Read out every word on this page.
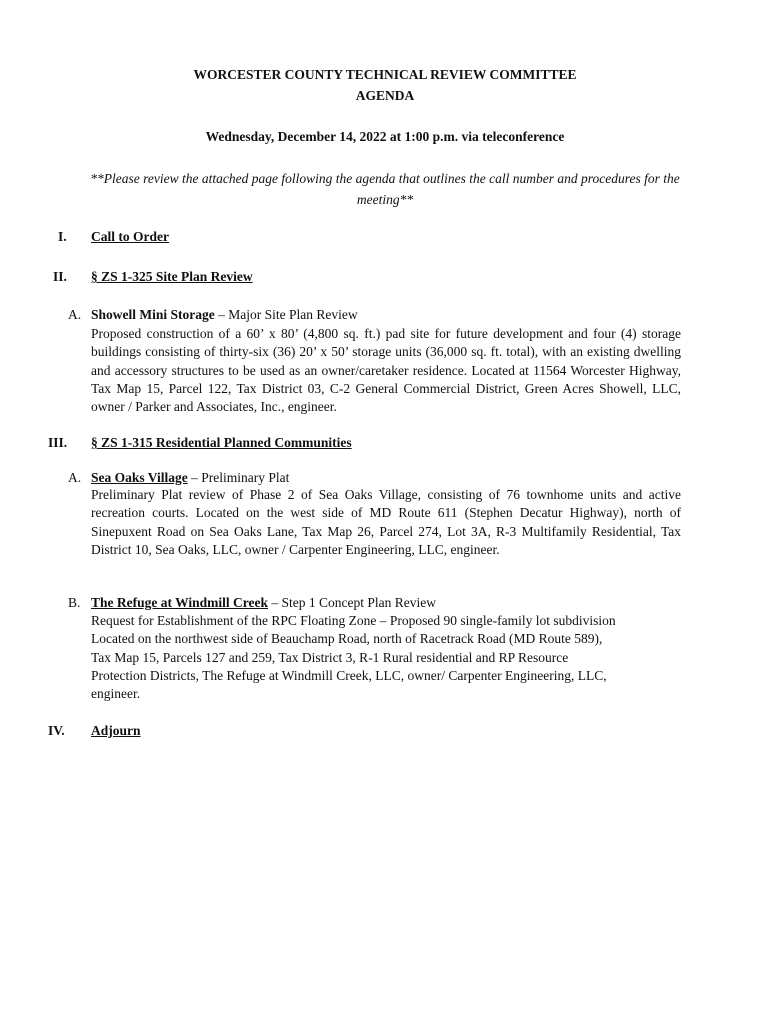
WORCESTER COUNTY TECHNICAL REVIEW COMMITTEE
AGENDA
Wednesday, December 14, 2022 at 1:00 p.m. via teleconference
**Please review the attached page following the agenda that outlines the call number and procedures for the meeting**
I. Call to Order
II. § ZS 1-325 Site Plan Review
A. Showell Mini Storage – Major Site Plan Review
Proposed construction of a 60’ x 80’ (4,800 sq. ft.) pad site for future development and four (4) storage buildings consisting of thirty-six (36) 20’ x 50’ storage units (36,000 sq. ft. total), with an existing dwelling and accessory structures to be used as an owner/caretaker residence. Located at 11564 Worcester Highway, Tax Map 15, Parcel 122, Tax District 03, C-2 General Commercial District, Green Acres Showell, LLC, owner / Parker and Associates, Inc., engineer.
III. § ZS 1-315 Residential Planned Communities
A. Sea Oaks Village – Preliminary Plat
Preliminary Plat review of Phase 2 of Sea Oaks Village, consisting of 76 townhome units and active recreation courts. Located on the west side of MD Route 611 (Stephen Decatur Highway), north of Sinepuxent Road on Sea Oaks Lane, Tax Map 26, Parcel 274, Lot 3A, R-3 Multifamily Residential, Tax District 10, Sea Oaks, LLC, owner / Carpenter Engineering, LLC, engineer.
B. The Refuge at Windmill Creek – Step 1 Concept Plan Review
Request for Establishment of the RPC Floating Zone – Proposed 90 single-family lot subdivision
Located on the northwest side of Beauchamp Road, north of Racetrack Road (MD Route 589),
Tax Map 15, Parcels 127 and 259, Tax District 3, R-1 Rural residential and RP Resource
Protection Districts, The Refuge at Windmill Creek, LLC, owner/ Carpenter Engineering, LLC,
engineer.
IV. Adjourn
